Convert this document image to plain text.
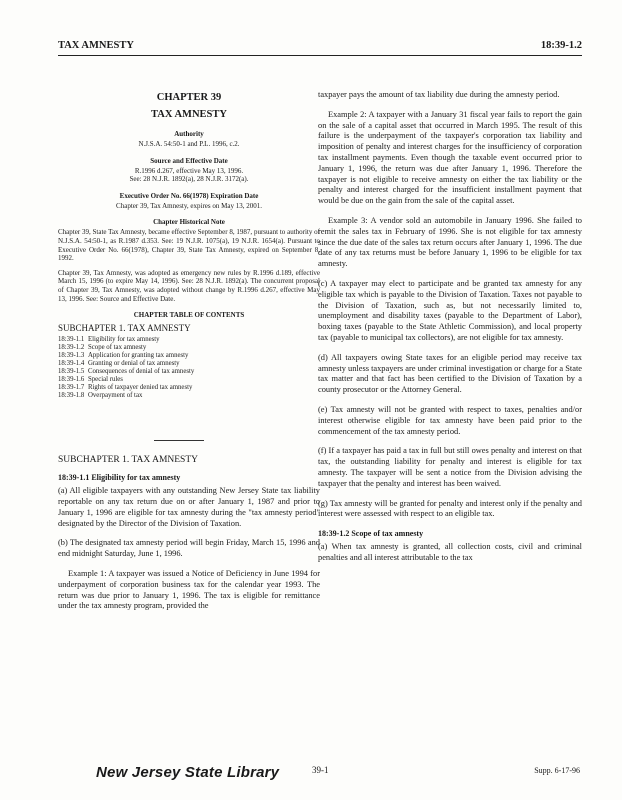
TAX AMNESTY	18:39-1.2
CHAPTER 39
TAX AMNESTY
Authority
N.J.S.A. 54:50-1 and P.L. 1996, c.2.
Source and Effective Date
R.1996 d.267, effective May 13, 1996.
See: 28 N.J.R. 1892(a), 28 N.J.R. 3172(a).
Executive Order No. 66(1978) Expiration Date
Chapter 39, Tax Amnesty, expires on May 13, 2001.
Chapter Historical Note

Chapter 39, State Tax Amnesty, became effective September 8, 1987, pursuant to authority of N.J.S.A. 54:50-1, as R.1987 d.353. See: 19 N.J.R. 1075(a), 19 N.J.R. 1654(a). Pursuant to Executive Order No. 66(1978), Chapter 39, State Tax Amnesty, expired on September 8, 1992.

Chapter 39, Tax Amnesty, was adopted as emergency new rules by R.1996 d.189, effective March 15, 1996 (to expire May 14, 1996). See: 28 N.J.R. 1892(a). The concurrent proposal of Chapter 39, Tax Amnesty, was adopted without change by R.1996 d.267, effective May 13, 1996. See: Source and Effective Date.

CHAPTER TABLE OF CONTENTS
SUBCHAPTER 1. TAX AMNESTY
18:39-1.1 Eligibility for tax amnesty
18:39-1.2 Scope of tax amnesty
18:39-1.3 Application for granting tax amnesty
18:39-1.4 Granting or denial of tax amnesty
18:39-1.5 Consequences of denial of tax amnesty
18:39-1.6 Special rules
18:39-1.7 Rights of taxpayer denied tax amnesty
18:39-1.8 Overpayment of tax
SUBCHAPTER 1. TAX AMNESTY
18:39-1.1 Eligibility for tax amnesty

(a) All eligible taxpayers with any outstanding New Jersey State tax liability reportable on any tax return due on or after January 1, 1987 and prior to January 1, 1996 are eligible for tax amnesty during the "tax amnesty period" designated by the Director of the Division of Taxation.

(b) The designated tax amnesty period will begin Friday, March 15, 1996 and end midnight Saturday, June 1, 1996.

Example 1: A taxpayer was issued a Notice of Deficiency in June 1994 for underpayment of corporation business tax for the calendar year 1993. The return was due prior to January 1, 1996. The tax is eligible for remittance under the tax amnesty program, provided the

taxpayer pays the amount of tax liability due during the amnesty period.

Example 2: A taxpayer with a January 31 fiscal year fails to report the gain on the sale of a capital asset that occurred in March 1995. The result of this failure is the underpayment of the taxpayer's corporation tax liability and imposition of penalty and interest charges for the insufficiency of corporation tax installment payments. Even though the taxable event occurred prior to January 1, 1996, the return was due after January 1, 1996. Therefore the taxpayer is not eligible to receive amnesty on either the tax liability or the penalty and interest charged for the insufficient installment payment that would be due on the gain from the sale of the capital asset.

Example 3: A vendor sold an automobile in January 1996. She failed to remit the sales tax in February of 1996. She is not eligible for tax amnesty since the due date of the sales tax return occurs after January 1, 1996. The due date of any tax returns must be before January 1, 1996 to be eligible for tax amnesty.

(c) A taxpayer may elect to participate and be granted tax amnesty for any eligible tax which is payable to the Division of Taxation. Taxes not payable to the Division of Taxation, such as, but not necessarily limited to, unemployment and disability taxes (payable to the Department of Labor), boxing taxes (payable to the State Athletic Commission), and local property tax (payable to municipal tax collectors), are not eligible for tax amnesty.

(d) All taxpayers owing State taxes for an eligible period may receive tax amnesty unless taxpayers are under criminal investigation or charge for a State tax matter and that fact has been certified to the Division of Taxation by a county prosecutor or the Attorney General.

(e) Tax amnesty will not be granted with respect to taxes, penalties and/or interest otherwise eligible for tax amnesty have been paid prior to the commencement of the tax amnesty period.

(f) If a taxpayer has paid a tax in full but still owes penalty and interest on that tax, the outstanding liability for penalty and interest is eligible for tax amnesty. The taxpayer will be sent a notice from the Division advising the taxpayer that the penalty and interest has been waived.

(g) Tax amnesty will be granted for penalty and interest only if the penalty and interest were assessed with respect to an eligible tax.

18:39-1.2 Scope of tax amnesty

(a) When tax amnesty is granted, all collection costs, civil and criminal penalties and all interest attributable to the tax

New Jersey State Library	39-1	Supp. 6-17-96
